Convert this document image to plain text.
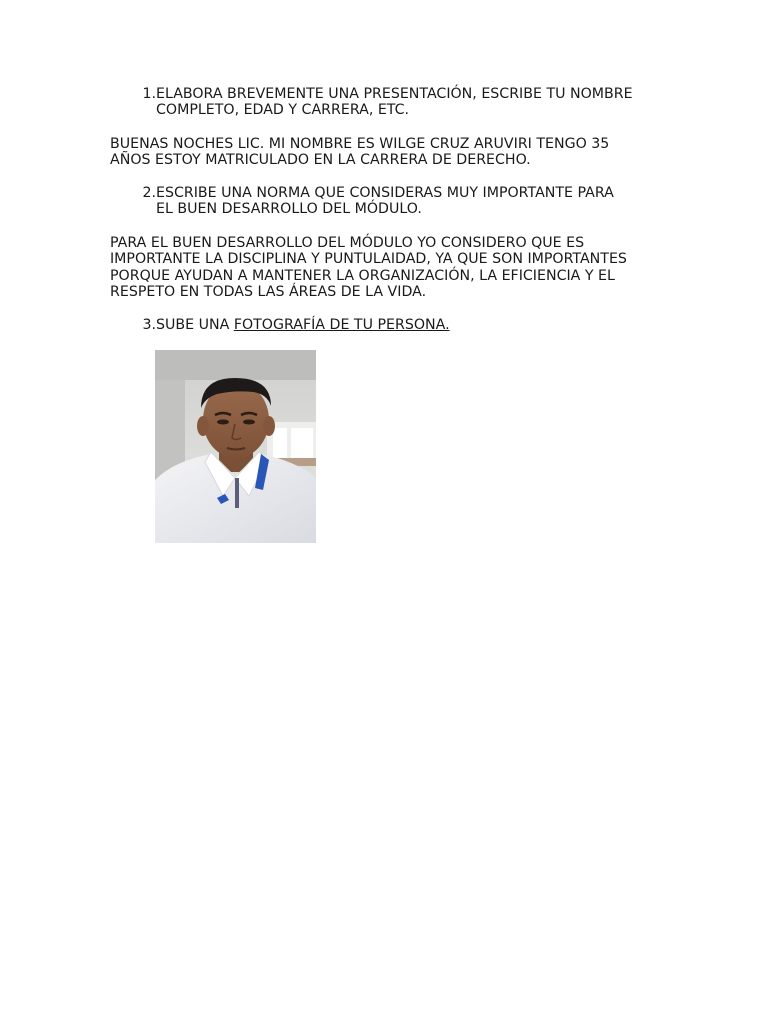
1. ELABORA BREVEMENTE UNA PRESENTACIÓN, ESCRIBE TU NOMBRE
COMPLETO, EDAD Y CARRERA, ETC.
BUENAS NOCHES LIC. MI NOMBRE ES WILGE CRUZ ARUVIRI TENGO 35
AÑOS ESTOY MATRICULADO EN LA CARRERA DE DERECHO.
2. ESCRIBE UNA NORMA QUE CONSIDERAS MUY IMPORTANTE PARA
EL BUEN DESARROLLO DEL MÓDULO.
PARA EL BUEN DESARROLLO DEL MÓDULO YO CONSIDERO QUE ES
IMPORTANTE LA DISCIPLINA Y PUNTULAIDAD, YA QUE SON IMPORTANTES
PORQUE AYUDAN A MANTENER LA ORGANIZACIÓN, LA EFICIENCIA Y EL
RESPETO EN TODAS LAS ÁREAS DE LA VIDA.
3. SUBE UNA FOTOGRAFÍA DE TU PERSONA.
